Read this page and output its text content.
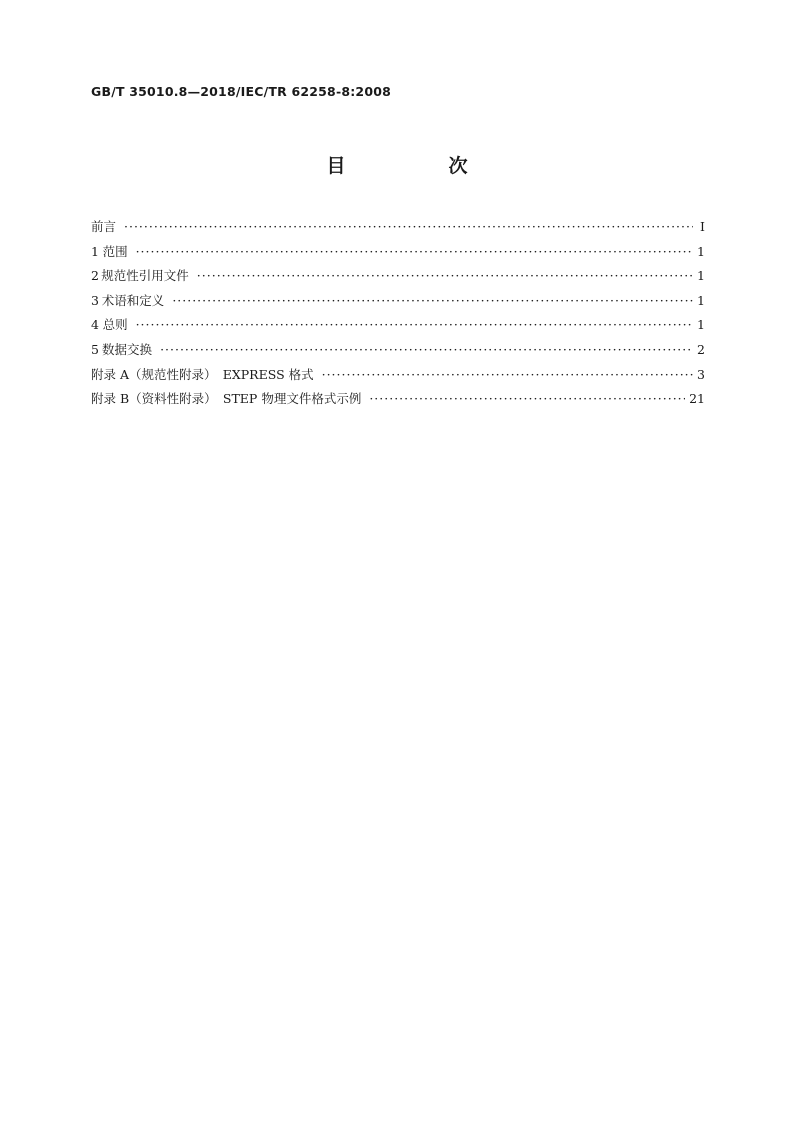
GB/T 35010.8—2018/IEC/TR 62258-8:2008
目　次
前言 ·····	Ⅰ
1 范围 ·····	1
2 规范性引用文件 ·····	1
3 术语和定义 ·····	1
4 总则 ·····	1
5 数据交换 ·····	2
附录 A（规范性附录）　EXPRESS 格式 ·····	3
附录 B（资料性附录）　STEP 物理文件格式示例 ·····	21
